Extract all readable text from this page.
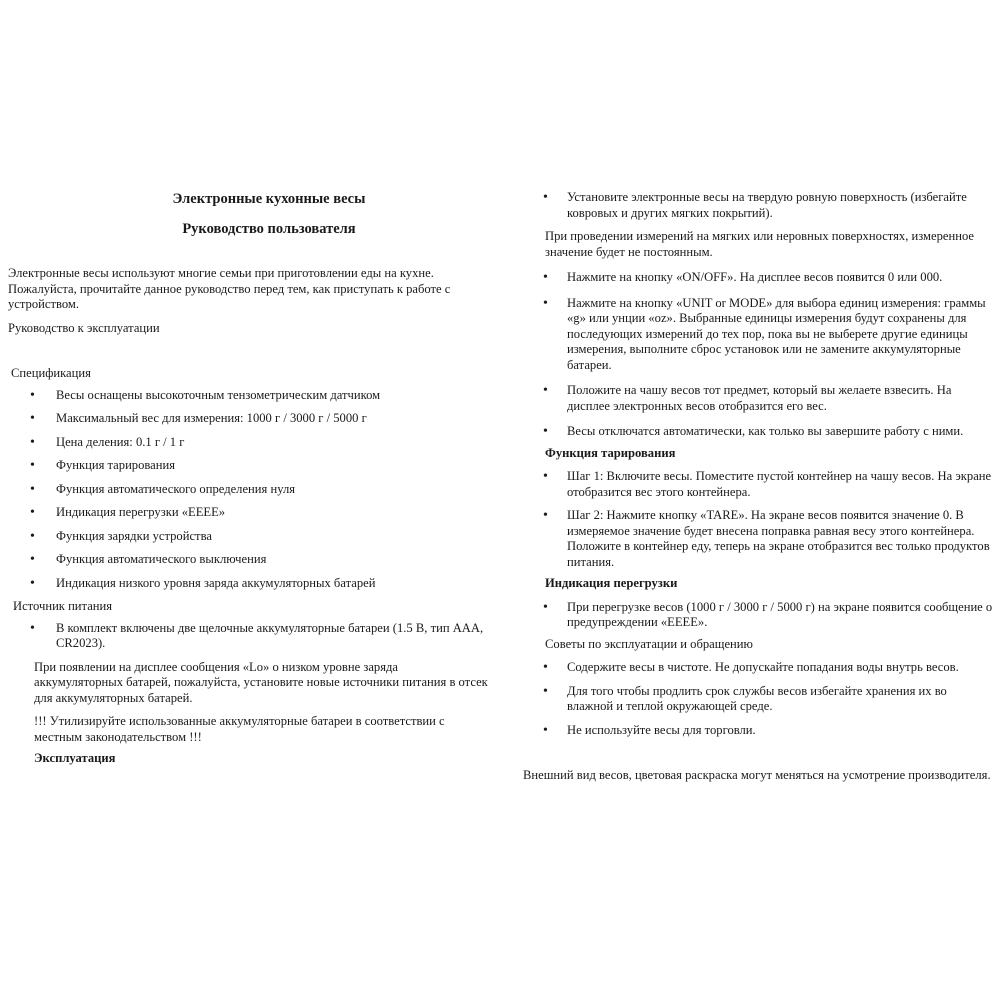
Электронные кухонные весы
Руководство пользователя

Электронные весы используют многие семьи при приготовлении еды на кухне. Пожалуйста, прочитайте данное руководство перед тем, как приступать к работе с устройством.

Руководство к эксплуатации

Спецификация

• Весы оснащены высокоточным тензометрическим датчиком
• Максимальный вес для измерения: 1000 г / 3000 г / 5000 г
• Цена деления: 0.1 г / 1 г
• Функция тарирования
• Функция автоматического определения нуля
• Индикация перегрузки «EEEE»
• Функция зарядки устройства
• Функция автоматического выключения
• Индикация низкого уровня заряда аккумуляторных батарей

Источник питания

• В комплект включены две щелочные аккумуляторные батареи (1.5 В, тип AAA, CR2023).

При появлении на дисплее сообщения «Lo» о низком уровне заряда аккумуляторных батарей, пожалуйста, установите новые источники питания в отсек для аккумуляторных батарей.

!!! Утилизируйте использованные аккумуляторные батареи в соответствии с местным законодательством !!!

Эксплуатация

• Установите электронные весы на твердую ровную поверхность (избегайте ковровых и других мягких покрытий).

При проведении измерений на мягких или неровных поверхностях, измеренное значение будет не постоянным.

• Нажмите на кнопку «ON/OFF». На дисплее весов появится 0 или 000.
• Нажмите на кнопку «UNIT or MODE» для выбора единиц измерения: граммы «g» или унции «oz». Выбранные единицы измерения будут сохранены для последующих измерений до тех пор, пока вы не выберете другие единицы измерения, выполните сброс установок или не замените аккумуляторные батареи.
• Положите на чашу весов тот предмет, который вы желаете взвесить. На дисплее электронных весов отобразится его вес.
• Весы отключатся автоматически, как только вы завершите работу с ними.

Функция тарирования

• Шаг 1: Включите весы. Поместите пустой контейнер на чашу весов. На экране отобразится вес этого контейнера.
• Шаг 2: Нажмите кнопку «TARE». На экране весов появится значение 0. В измеряемое значение будет внесена поправка равная весу этого контейнера. Положите в контейнер еду, теперь на экране отобразится вес только продуктов питания.

Индикация перегрузки

• При перегрузке весов (1000 г / 3000 г / 5000 г) на экране появится сообщение о предупреждении «EEEE».

Советы по эксплуатации и обращению

• Содержите весы в чистоте. Не допускайте попадания воды внутрь весов.
• Для того чтобы продлить срок службы весов избегайте хранения их во влажной и теплой окружающей среде.
• Не используйте весы для торговли.

Внешний вид весов, цветовая раскраска могут меняться на усмотрение производителя.
